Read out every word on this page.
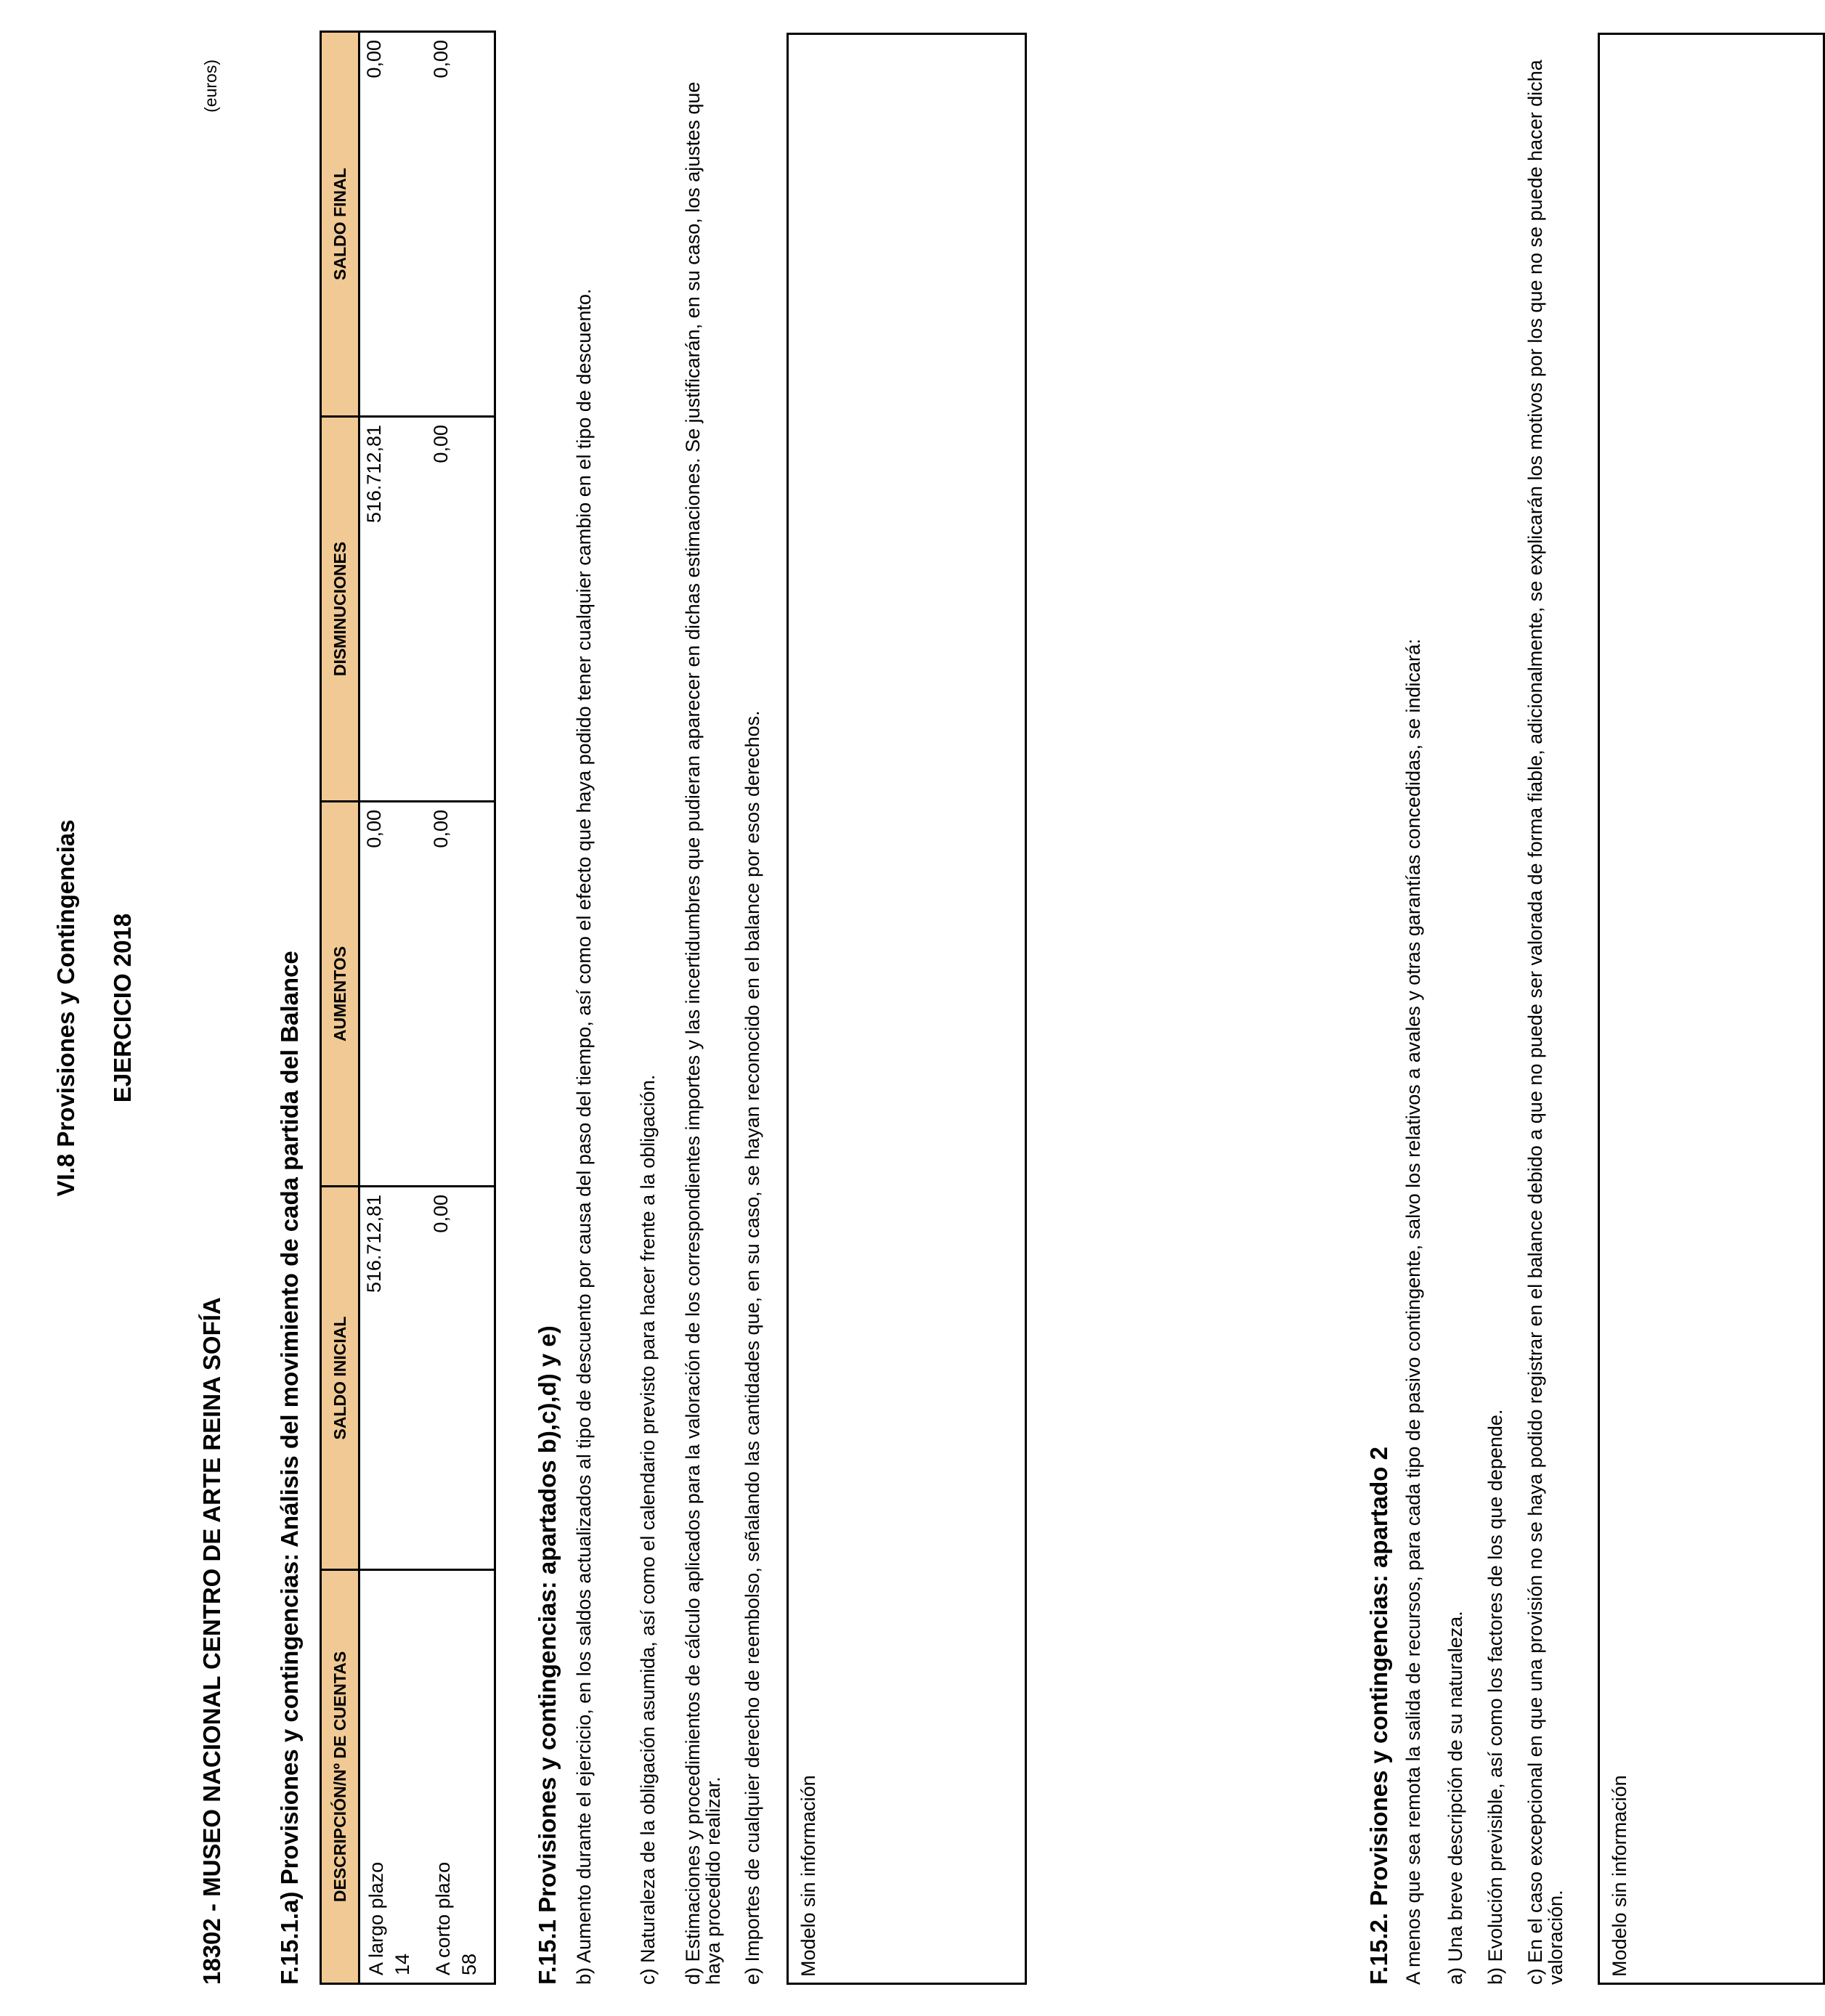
VI.8 Provisiones y Contingencias EJERCICIO 2018
(euros)
18302 - MUSEO NACIONAL CENTRO DE ARTE REINA SOFÍA F.15.1.a) Provisiones y contingencias: Análisis del movimiento de cada partida del Balance DESCRIPCIÓN/Nº DE CUENTAS	SALDO INICIAL	AUMENTOS	DISMINUCIONES	SALDO FINAL

A largo plazo 14	516.712,81	0,00	516.712,81	0,00

A corto plazo 58	0,00	0,00	0,00	0,00
F.15.1 Provisiones y contingencias: apartados b),c),d) y e) b) Aumento durante el ejercicio, en los saldos actualizados al tipo de descuento por causa del paso del tiempo, así como el efecto que haya podido tener cualquier cambio en el tipo de descuento. c) Naturaleza de la obligación asumida, así como el calendario previsto para hacer frente a la obligación. d) Estimaciones y procedimientos de cálculo aplicados para la valoración de los correspondientes importes y las incertidumbres que pudieran aparecer en dichas estimaciones. Se justificarán, en su caso, los ajustes que haya procedido realizar. e) Importes de cualquier derecho de reembolso, señalando las cantidades que, en su caso, se hayan reconocido en el balance por esos derechos. Modelo sin información	F.15.2. Provisiones y contingencias: apartado 2 A menos que sea remota la salida de recursos, para cada tipo de pasivo contingente, salvo los relativos a avales y otras garantías concedidas, se indicará: a) Una breve descripción de su naturaleza. b) Evolución previsible, así como los factores de los que depende. c) En el caso excepcional en que una provisión no se haya podido registrar en el balance debido a que no puede ser valorada de forma fiable, adicionalmente, se explicarán los motivos por los que no se puede hacer dicha valoración. Modelo sin información
